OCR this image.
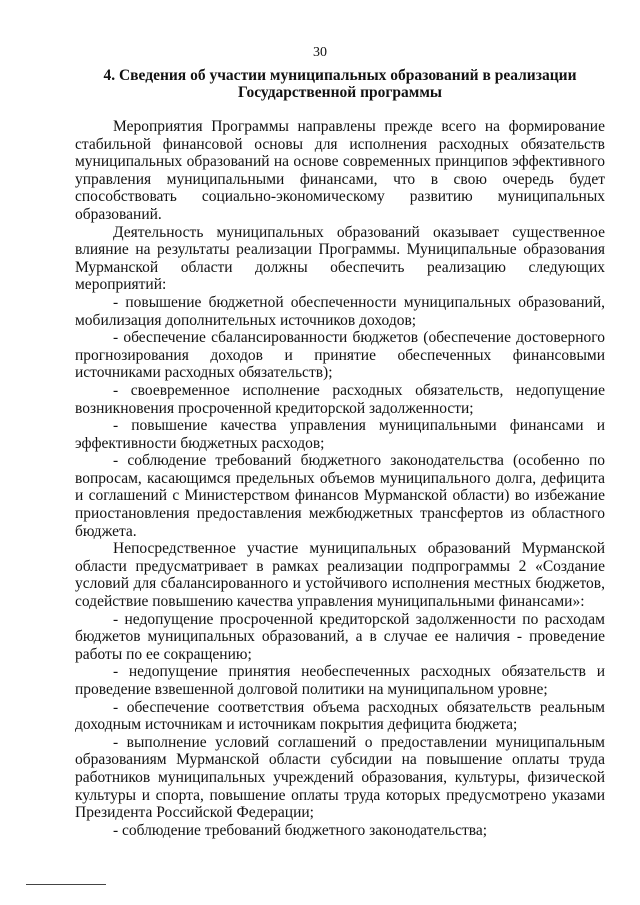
30
4. Сведения об участии муниципальных образований в реализации
Государственной программы

Мероприятия Программы направлены прежде всего на формирование стабильной финансовой основы для исполнения расходных обязательств муниципальных образований на основе современных принципов эффективного управления муниципальными финансами, что в свою очередь будет способствовать социально-экономическому развитию муниципальных образований.

Деятельность муниципальных образований оказывает существенное влияние на результаты реализации Программы. Муниципальные образования Мурманской области должны обеспечить реализацию следующих мероприятий:

- повышение бюджетной обеспеченности муниципальных образований, мобилизация дополнительных источников доходов;

- обеспечение сбалансированности бюджетов (обеспечение достоверного прогнозирования доходов и принятие обеспеченных финансовыми источниками расходных обязательств);

- своевременное исполнение расходных обязательств, недопущение возникновения просроченной кредиторской задолженности;

- повышение качества управления муниципальными финансами и эффективности бюджетных расходов;

- соблюдение требований бюджетного законодательства (особенно по вопросам, касающимся предельных объемов муниципального долга, дефицита и соглашений с Министерством финансов Мурманской области) во избежание приостановления предоставления межбюджетных трансфертов из областного бюджета.

Непосредственное участие муниципальных образований Мурманской области предусматривает в рамках реализации подпрограммы 2 «Создание условий для сбалансированного и устойчивого исполнения местных бюджетов, содействие повышению качества управления муниципальными финансами»:

- недопущение просроченной кредиторской задолженности по расходам бюджетов муниципальных образований, а в случае ее наличия - проведение работы по ее сокращению;

- недопущение принятия необеспеченных расходных обязательств и проведение взвешенной долговой политики на муниципальном уровне;

- обеспечение соответствия объема расходных обязательств реальным доходным источникам и источникам покрытия дефицита бюджета;

- выполнение условий соглашений о предоставлении муниципальным образованиям Мурманской области субсидии на повышение оплаты труда работников муниципальных учреждений образования, культуры, физической культуры и спорта, повышение оплаты труда которых предусмотрено указами Президента Российской Федерации;

- соблюдение требований бюджетного законодательства;
